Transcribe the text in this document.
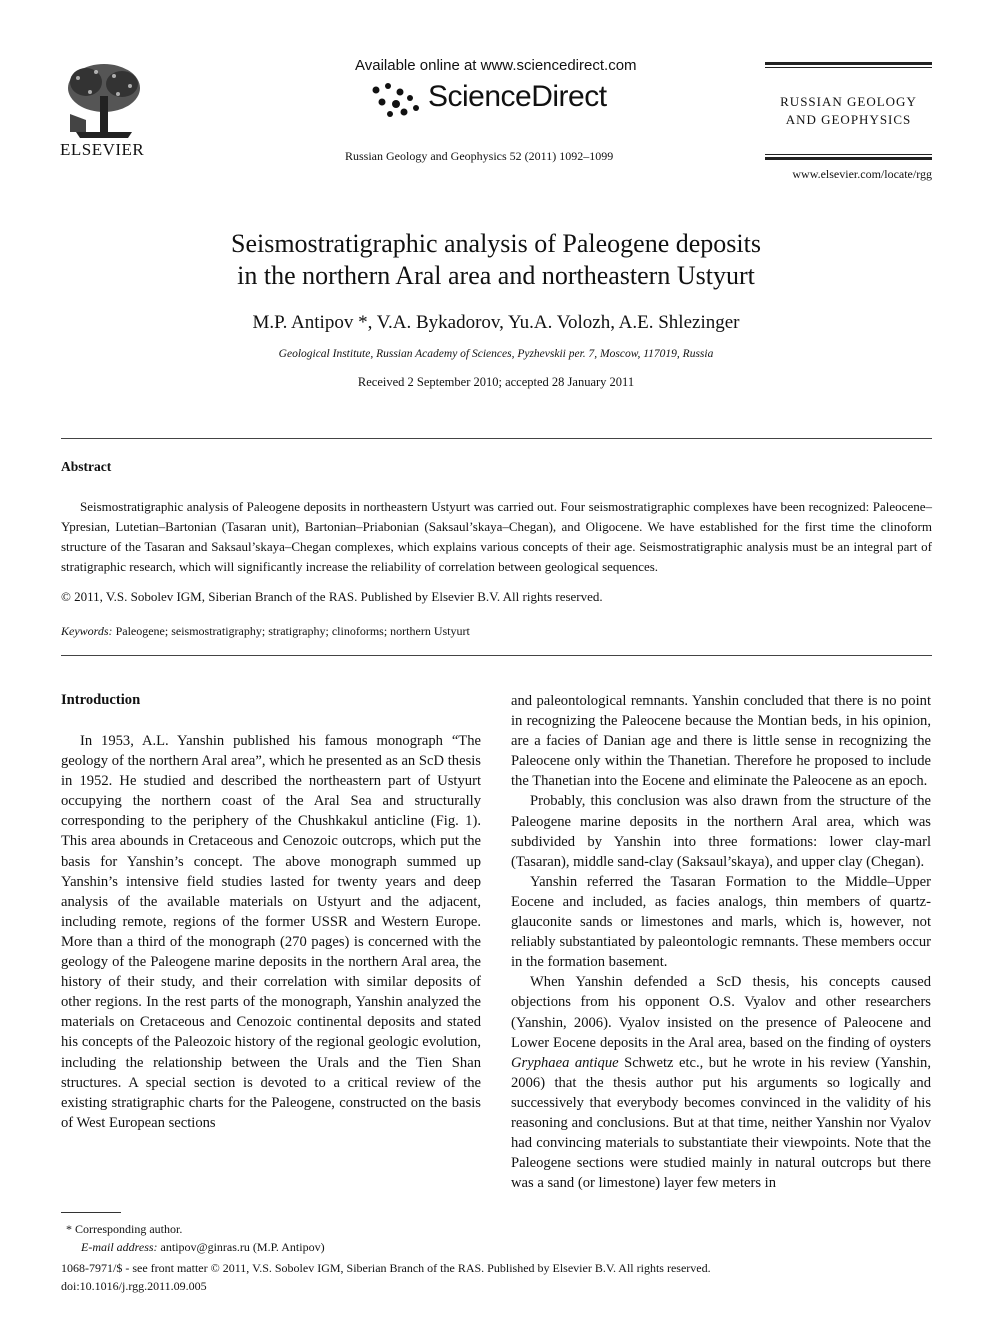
ELSEVIER
Available online at www.sciencedirect.com
ScienceDirect
Russian Geology and Geophysics 52 (2011) 1092–1099
RUSSIAN GEOLOGY
AND GEOPHYSICS
www.elsevier.com/locate/rgg
Seismostratigraphic analysis of Paleogene deposits
in the northern Aral area and northeastern Ustyurt
M.P. Antipov *, V.A. Bykadorov, Yu.A. Volozh, A.E. Shlezinger
Geological Institute, Russian Academy of Sciences, Pyzhevskii per. 7, Moscow, 117019, Russia
Received 2 September 2010; accepted 28 January 2011
Abstract
Seismostratigraphic analysis of Paleogene deposits in northeastern Ustyurt was carried out. Four seismostratigraphic complexes have been recognized: Paleocene–Ypresian, Lutetian–Bartonian (Tasaran unit), Bartonian–Priabonian (Saksaul’skaya–Chegan), and Oligocene. We have established for the first time the clinoform structure of the Tasaran and Saksaul’skaya–Chegan complexes, which explains various concepts of their age. Seismostratigraphic analysis must be an integral part of stratigraphic research, which will significantly increase the reliability of correlation between geological sequences.
© 2011, V.S. Sobolev IGM, Siberian Branch of the RAS. Published by Elsevier B.V. All rights reserved.
Keywords: Paleogene; seismostratigraphy; stratigraphy; clinoforms; northern Ustyurt
Introduction

In 1953, A.L. Yanshin published his famous monograph “The geology of the northern Aral area”, which he presented as an ScD thesis in 1952. He studied and described the northeastern part of Ustyurt occupying the northern coast of the Aral Sea and structurally corresponding to the periphery of the Chushkakul anticline (Fig. 1). This area abounds in Cretaceous and Cenozoic outcrops, which put the basis for Yanshin’s concept. The above monograph summed up Yanshin’s intensive field studies lasted for twenty years and deep analysis of the available materials on Ustyurt and the adjacent, including remote, regions of the former USSR and Western Europe. More than a third of the monograph (270 pages) is concerned with the geology of the Paleogene marine deposits in the northern Aral area, the history of their study, and their correlation with similar deposits of other regions. In the rest parts of the monograph, Yanshin analyzed the materials on Cretaceous and Cenozoic continental deposits and stated his concepts of the Paleozoic history of the regional geologic evolution, including the relationship between the Urals and the Tien Shan structures. A special section is devoted to a critical review of the existing stratigraphic charts for the Paleogene, constructed on the basis of West European sections

and paleontological remnants. Yanshin concluded that there is no point in recognizing the Paleocene because the Montian beds, in his opinion, are a facies of Danian age and there is little sense in recognizing the Paleocene only within the Thanetian. Therefore he proposed to include the Thanetian into the Eocene and eliminate the Paleocene as an epoch.

Probably, this conclusion was also drawn from the structure of the Paleogene marine deposits in the northern Aral area, which was subdivided by Yanshin into three formations: lower clay-marl (Tasaran), middle sand-clay (Saksaul’skaya), and upper clay (Chegan).

Yanshin referred the Tasaran Formation to the Middle–Upper Eocene and included, as facies analogs, thin members of quartz-glauconite sands or limestones and marls, which is, however, not reliably substantiated by paleontologic remnants. These members occur in the formation basement.

When Yanshin defended a ScD thesis, his concepts caused objections from his opponent O.S. Vyalov and other researchers (Yanshin, 2006). Vyalov insisted on the presence of Paleocene and Lower Eocene deposits in the Aral area, based on the finding of oysters Gryphaea antique Schwetz etc., but he wrote in his review (Yanshin, 2006) that the thesis author put his arguments so logically and successively that everybody becomes convinced in the validity of his reasoning and conclusions. But at that time, neither Yanshin nor Vyalov had convincing materials to substantiate their viewpoints. Note that the Paleogene sections were studied mainly in natural outcrops but there was a sand (or limestone) layer few meters in

* Corresponding author.
E-mail address: antipov@ginras.ru (M.P. Antipov)
1068-7971/$ - see front matter © 2011, V.S. Sobolev IGM, Siberian Branch of the RAS. Published by Elsevier B.V. All rights reserved.
doi:10.1016/j.rgg.2011.09.005
